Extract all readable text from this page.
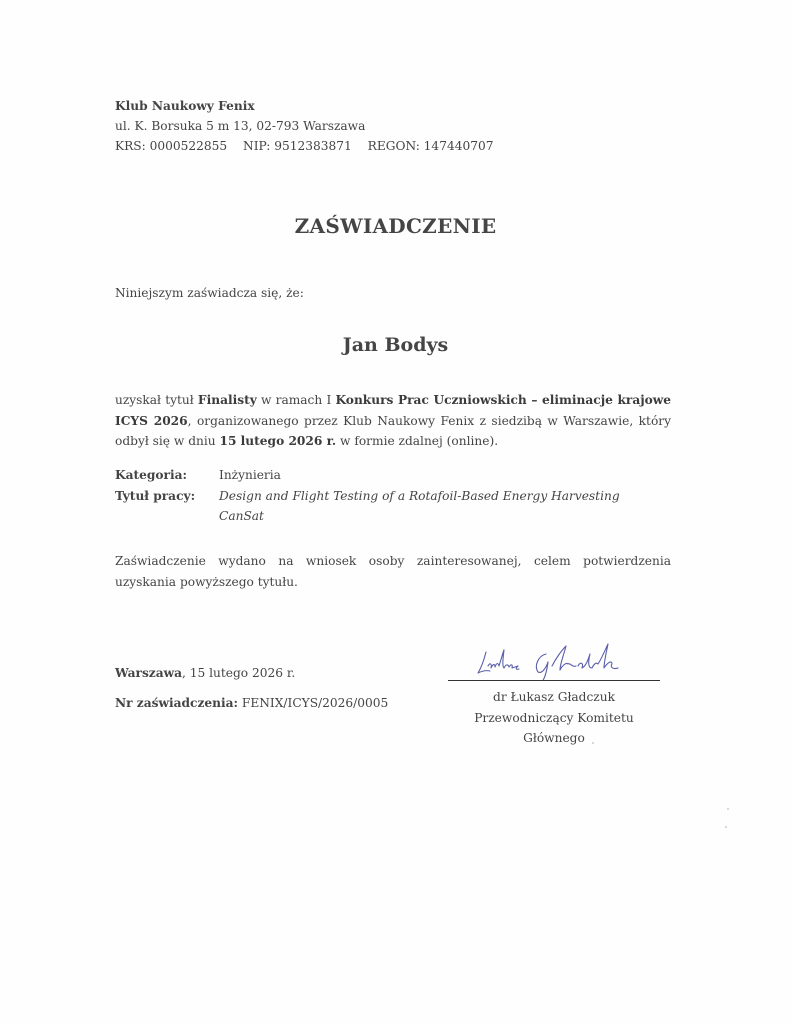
Klub Naukowy Fenix
ul. K. Borsuka 5 m 13, 02-793 Warszawa
KRS: 0000522855 NIP: 9512383871 REGON: 147440707
ZAŚWIADCZENIE
Niniejszym zaświadcza się, że:
Jan Bodys
uzyskał tytuł Finalisty w ramach I Konkurs Prac Uczniowskich – eliminacje krajowe ICYS 2026, organizowanego przez Klub Naukowy Fenix z siedzibą w Warszawie, który odbył się w dniu 15 lutego 2026 r. w formie zdalnej (online).
Kategoria:	Inżynieria
Tytuł pracy:	Design and Flight Testing of a Rotafoil-Based Energy Harvesting CanSat
Zaświadczenie wydano na wniosek osoby zainteresowanej, celem potwierdzenia uzyskania powyższego tytułu.
Warszawa, 15 lutego 2026 r.
Nr zaświadczenia: FENIX/ICYS/2026/0005	dr Łukasz Gładczuk
Przewodniczący Komitetu
Głównego
